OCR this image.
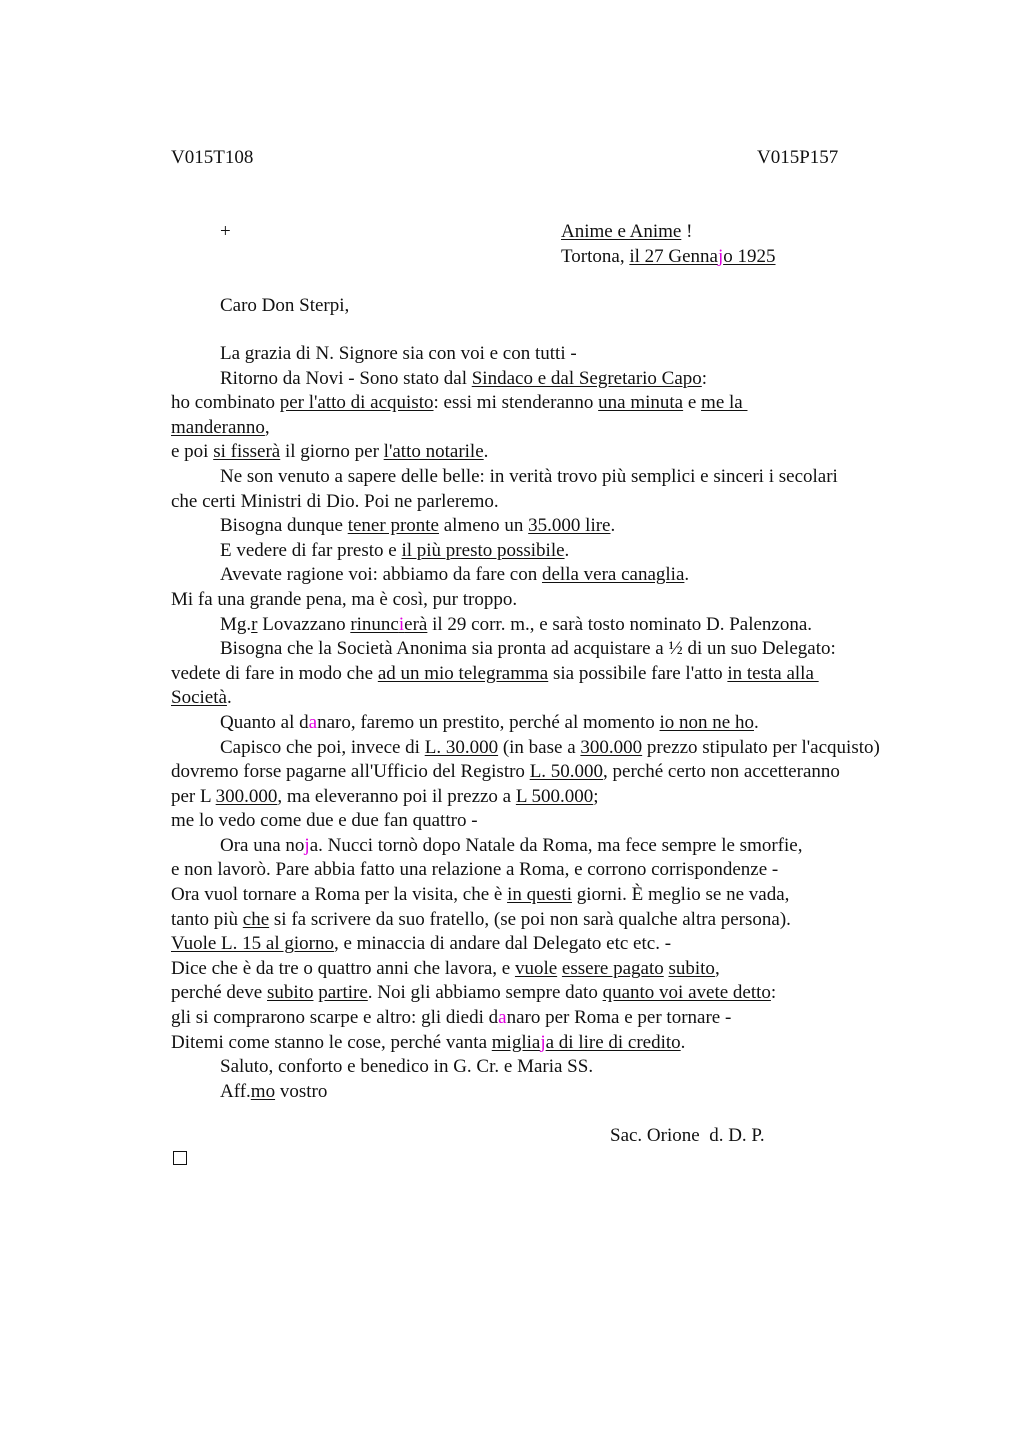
V015T108	V015P157
+	Anime e Anime !
Tortona, il 27 Gennajo 1925
Caro Don Sterpi,
La grazia di N. Signore sia con voi e con tutti -
Ritorno da Novi - Sono stato dal Sindaco e dal Segretario Capo:
ho combinato per l'atto di acquisto: essi mi stenderanno una minuta e me la
manderanno,
e poi si fisserà il giorno per l'atto notarile.
Ne son venuto a sapere delle belle: in verità trovo più semplici e sinceri i secolari
che certi Ministri di Dio. Poi ne parleremo.
Bisogna dunque tener pronte almeno un 35.000 lire.
E vedere di far presto e il più presto possibile.
Avevate ragione voi: abbiamo da fare con della vera canaglia.
Mi fa una grande pena, ma è così, pur troppo.
Mg.r Lovazzano rinuncierà il 29 corr. m., e sarà tosto nominato D. Palenzona.
Bisogna che la Società Anonima sia pronta ad acquistare a ½ di un suo Delegato:
vedete di fare in modo che ad un mio telegramma sia possibile fare l'atto in testa alla
Società.
Quanto al danaro, faremo un prestito, perché al momento io non ne ho.
Capisco che poi, invece di L. 30.000 (in base a 300.000 prezzo stipulato per l'acquisto)
dovremo forse pagarne all'Ufficio del Registro L. 50.000, perché certo non accetteranno
per L 300.000, ma eleveranno poi il prezzo a L 500.000;
me lo vedo come due e due fan quattro -
Ora una noja. Nucci tornò dopo Natale da Roma, ma fece sempre le smorfie,
e non lavorò. Pare abbia fatto una relazione a Roma, e corrono corrispondenze -
Ora vuol tornare a Roma per la visita, che è in questi giorni. È meglio se ne vada,
tanto più che si fa scrivere da suo fratello, (se poi non sarà qualche altra persona).
Vuole L. 15 al giorno, e minaccia di andare dal Delegato etc etc. -
Dice che è da tre o quattro anni che lavora, e vuole essere pagato subito,
perché deve subito partire. Noi gli abbiamo sempre dato quanto voi avete detto:
gli si comprarono scarpe e altro: gli diedi danaro per Roma e per tornare -
Ditemi come stanno le cose, perché vanta migliaja di lire di credito.
Saluto, conforto e benedico in G. Cr. e Maria SS.
Aff.mo vostro
Sac. Orione  d. D. P.
